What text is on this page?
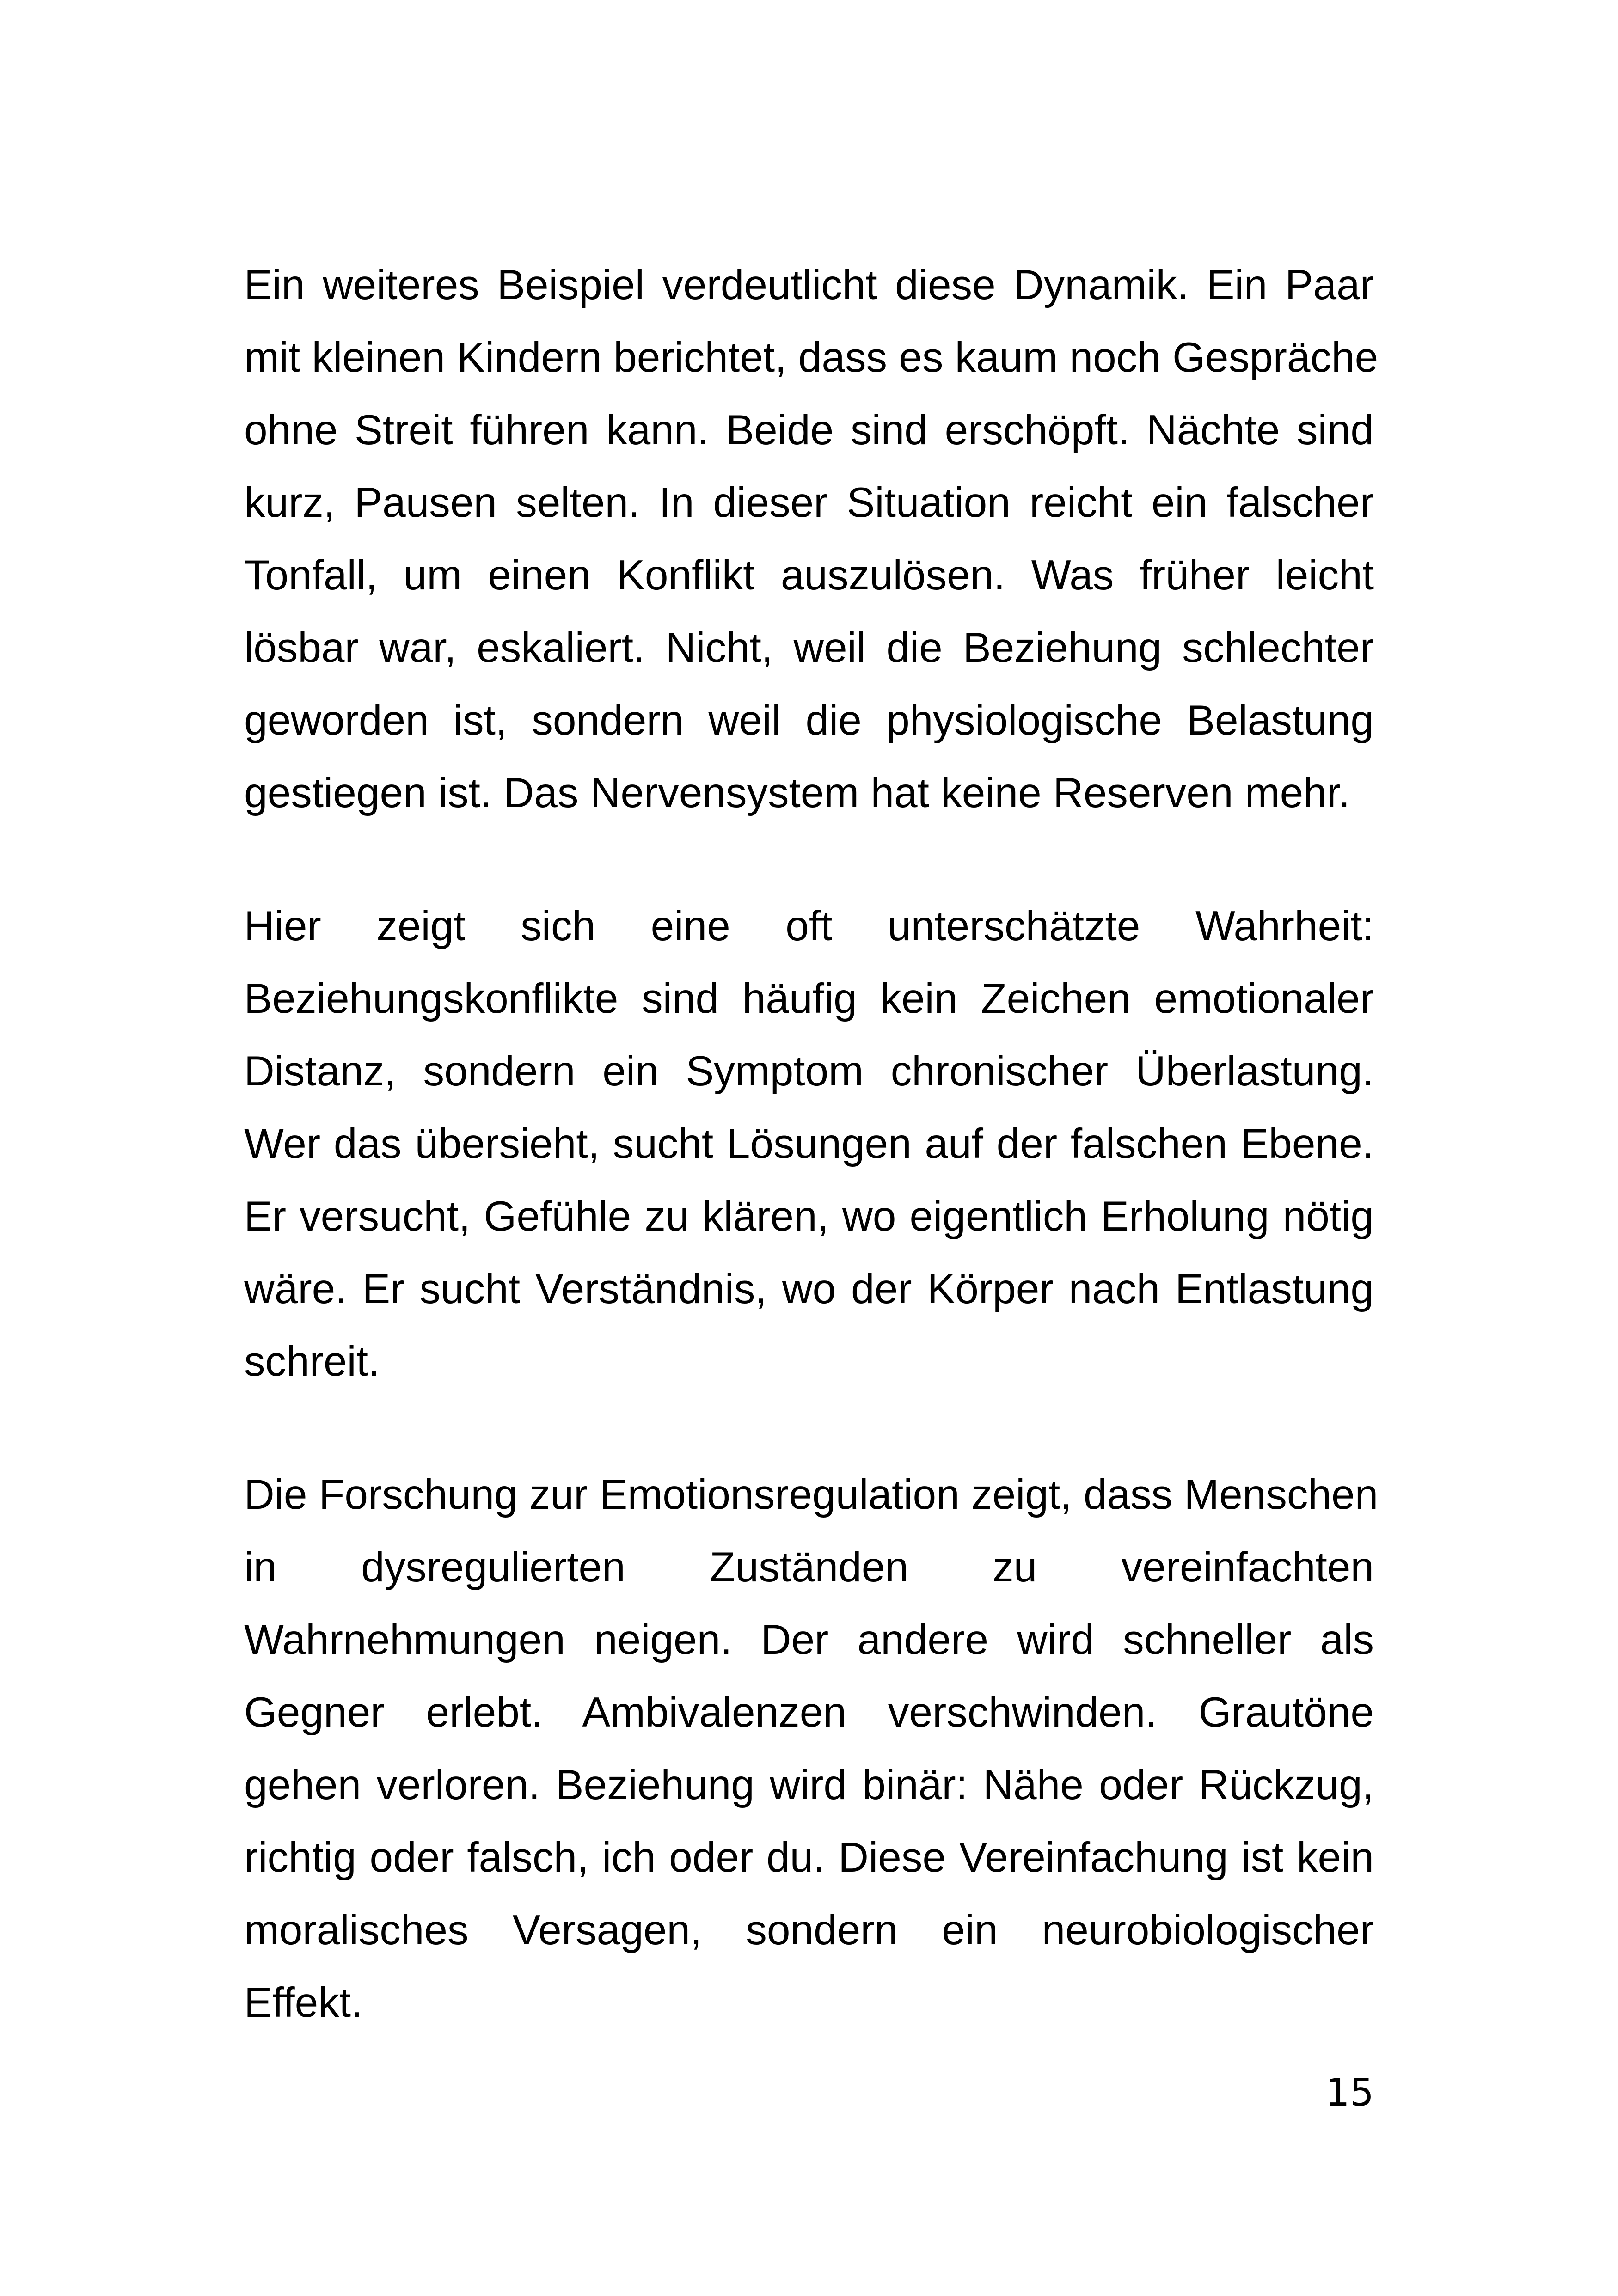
Ein weiteres Beispiel verdeutlicht diese Dynamik. Ein Paar
mit kleinen Kindern berichtet, dass es kaum noch Gespräche
ohne Streit führen kann. Beide sind erschöpft. Nächte sind
kurz, Pausen selten. In dieser Situation reicht ein falscher
Tonfall, um einen Konflikt auszulösen. Was früher leicht
lösbar war, eskaliert. Nicht, weil die Beziehung schlechter
geworden ist, sondern weil die physiologische Belastung
gestiegen ist. Das Nervensystem hat keine Reserven mehr.
Hier zeigt sich eine oft unterschätzte Wahrheit:
Beziehungskonflikte sind häufig kein Zeichen emotionaler
Distanz, sondern ein Symptom chronischer Überlastung.
Wer das übersieht, sucht Lösungen auf der falschen Ebene.
Er versucht, Gefühle zu klären, wo eigentlich Erholung nötig
wäre. Er sucht Verständnis, wo der Körper nach Entlastung
schreit.
Die Forschung zur Emotionsregulation zeigt, dass Menschen
in dysregulierten Zuständen zu vereinfachten
Wahrnehmungen neigen. Der andere wird schneller als
Gegner erlebt. Ambivalenzen verschwinden. Grautöne
gehen verloren. Beziehung wird binär: Nähe oder Rückzug,
richtig oder falsch, ich oder du. Diese Vereinfachung ist kein
moralisches Versagen, sondern ein neurobiologischer
Effekt.
15
